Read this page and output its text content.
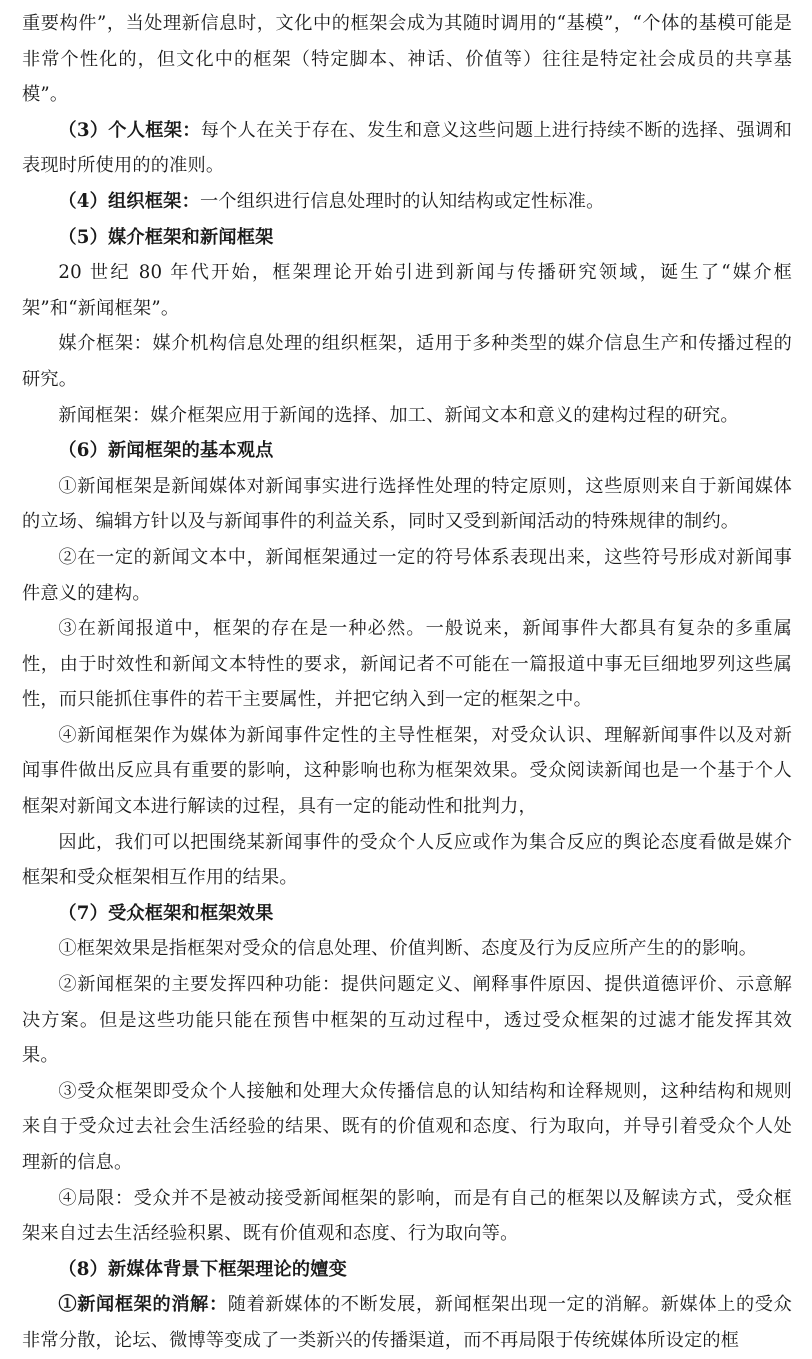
重要构件”，当处理新信息时，文化中的框架会成为其随时调用的“基模”，“个体的基模可能是非常个性化的，但文化中的框架（特定脚本、神话、价值等）往往是特定社会成员的共享基模”。

（3）个人框架：每个人在关于存在、发生和意义这些问题上进行持续不断的选择、强调和表现时所使用的的准则。

（4）组织框架：一个组织进行信息处理时的认知结构或定性标准。

（5）媒介框架和新闻框架

20 世纪 80 年代开始，框架理论开始引进到新闻与传播研究领域，诞生了“媒介框架”和“新闻框架”。

媒介框架：媒介机构信息处理的组织框架，适用于多种类型的媒介信息生产和传播过程的研究。

新闻框架：媒介框架应用于新闻的选择、加工、新闻文本和意义的建构过程的研究。

（6）新闻框架的基本观点

①新闻框架是新闻媒体对新闻事实进行选择性处理的特定原则，这些原则来自于新闻媒体的立场、编辑方针以及与新闻事件的利益关系，同时又受到新闻活动的特殊规律的制约。

②在一定的新闻文本中，新闻框架通过一定的符号体系表现出来，这些符号形成对新闻事件意义的建构。

③在新闻报道中，框架的存在是一种必然。一般说来，新闻事件大都具有复杂的多重属性，由于时效性和新闻文本特性的要求，新闻记者不可能在一篇报道中事无巨细地罗列这些属性，而只能抓住事件的若干主要属性，并把它纳入到一定的框架之中。

④新闻框架作为媒体为新闻事件定性的主导性框架，对受众认识、理解新闻事件以及对新闻事件做出反应具有重要的影响，这种影响也称为框架效果。受众阅读新闻也是一个基于个人框架对新闻文本进行解读的过程，具有一定的能动性和批判力，

因此，我们可以把围绕某新闻事件的受众个人反应或作为集合反应的舆论态度看做是媒介框架和受众框架相互作用的结果。

（7）受众框架和框架效果

①框架效果是指框架对受众的信息处理、价值判断、态度及行为反应所产生的的影响。

②新闻框架的主要发挥四种功能：提供问题定义、阐释事件原因、提供道德评价、示意解决方案。但是这些功能只能在预售中框架的互动过程中，透过受众框架的过滤才能发挥其效果。

③受众框架即受众个人接触和处理大众传播信息的认知结构和诠释规则，这种结构和规则来自于受众过去社会生活经验的结果、既有的价值观和态度、行为取向，并导引着受众个人处理新的信息。

④局限：受众并不是被动接受新闻框架的影响，而是有自己的框架以及解读方式，受众框架来自过去生活经验积累、既有价值观和态度、行为取向等。

（8）新媒体背景下框架理论的嬗变

①新闻框架的消解：随着新媒体的不断发展，新闻框架出现一定的消解。新媒体上的受众非常分散，论坛、微博等变成了一类新兴的传播渠道，而不再局限于传统媒体所设定的框
